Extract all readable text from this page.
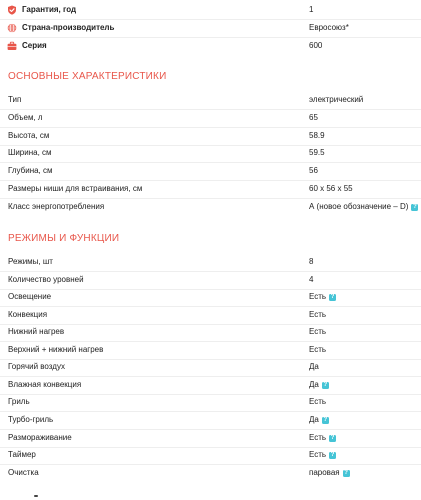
Гарантия, год	1
Страна-производитель	Евросоюз*
Серия	600
ОСНОВНЫЕ ХАРАКТЕРИСТИКИ
Тип	электрический
Объем, л	65
Высота, см	58.9
Ширина, см	59.5
Глубина, см	56
Размеры ниши для встраивания, см	60 x 56 x 55
Класс энергопотребления	А (новое обозначение – D) ?
РЕЖИМЫ И ФУНКЦИИ
Режимы, шт	8
Количество уровней	4
Освещение	Есть ?
Конвекция	Есть
Нижний нагрев	Есть
Верхний + нижний нагрев	Есть
Горячий воздух	Да
Влажная конвекция	Да ?
Гриль	Есть
Турбо-гриль	Да ?
Размораживание	Есть ?
Таймер	Есть ?
Очистка	паровая ?
